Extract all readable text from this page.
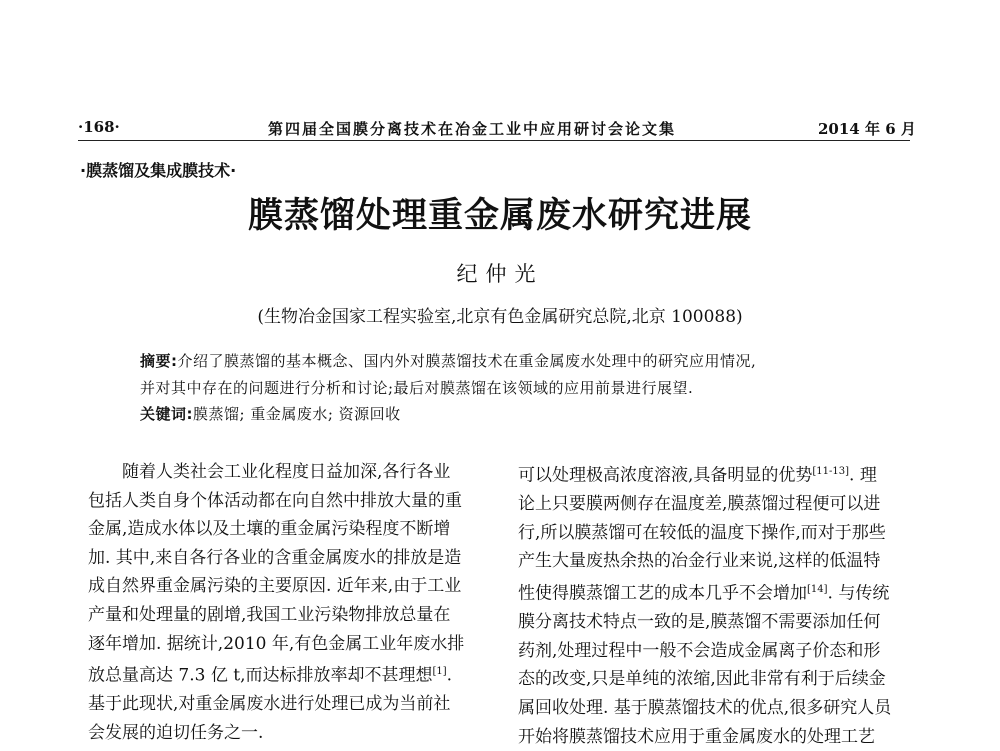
·168·	第四届全国膜分离技术在冶金工业中应用研讨会论文集	2014 年 6 月
·膜蒸馏及集成膜技术·
膜蒸馏处理重金属废水研究进展
纪仲光
(生物冶金国家工程实验室,北京有色金属研究总院,北京 100088)
摘要:介绍了膜蒸馏的基本概念、国内外对膜蒸馏技术在重金属废水处理中的研究应用情况,
并对其中存在的问题进行分析和讨论;最后对膜蒸馏在该领域的应用前景进行展望.
关键词:膜蒸馏; 重金属废水; 资源回收
　　随着人类社会工业化程度日益加深,各行各业
包括人类自身个体活动都在向自然中排放大量的重
金属,造成水体以及土壤的重金属污染程度不断增
加. 其中,来自各行各业的含重金属废水的排放是造
成自然界重金属污染的主要原因. 近年来,由于工业
产量和处理量的剧增,我国工业污染物排放总量在
逐年增加. 据统计,2010 年,有色金属工业年废水排
放总量高达 7.3 亿 t,而达标排放率却不甚理想[1].
基于此现状,对重金属废水进行处理已成为当前社
会发展的迫切任务之一.
可以处理极高浓度溶液,具备明显的优势[11-13]. 理
论上只要膜两侧存在温度差,膜蒸馏过程便可以进
行,所以膜蒸馏可在较低的温度下操作,而对于那些
产生大量废热余热的冶金行业来说,这样的低温特
性使得膜蒸馏工艺的成本几乎不会增加[14]. 与传统
膜分离技术特点一致的是,膜蒸馏不需要添加任何
药剂,处理过程中一般不会造成金属离子价态和形
态的改变,只是单纯的浓缩,因此非常有利于后续金
属回收处理. 基于膜蒸馏技术的优点,很多研究人员
开始将膜蒸馏技术应用于重金属废水的处理工艺
